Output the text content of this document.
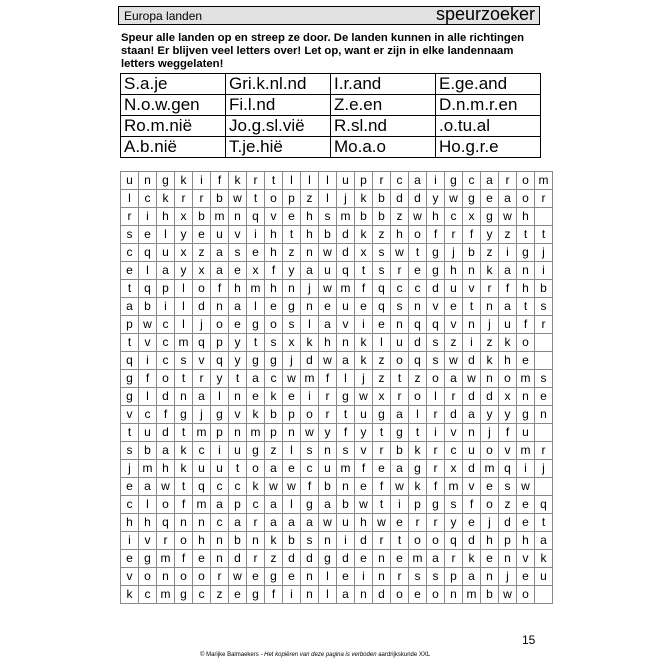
Europa landen	speurzoeker
Speur alle landen op en streep ze door. De landen kunnen in alle richtingen staan! Er blijven veel letters over! Let op, want er zijn in elke landennaam letters weggelaten!
S.a.je	Gri.k.nl.nd	I.r.and	E.ge.and
N.o.w.gen	Fi.l.nd	Z.e.en	D.n.m.r.en
Ro.m.nië	Jo.g.sl.vië	R.sl.nd	.o.tu.al
A.b.nië	T.je.hië	Mo.a.o	Ho.g.r.e
u	n	g	k	i	f	k	r	t	l	l	l	u	p	r	c	a	i	g	c	a	r	o	m
l	c	k	r	r	b	w	t	o	p	z	l	j	k	b	d	d	y	w	g	e	a	o	r
r	i	h	x	b	m	n	q	v	e	h	s	m	b	b	z	w	h	c	x	g	w	h	
s	e	l	y	e	u	v	i	h	t	h	b	d	k	z	h	o	f	r	f	y	z	t	t
c	q	u	x	z	a	s	e	h	z	n	w	d	x	s	w	t	g	j	b	z	i	g	j
e	l	a	y	x	a	e	x	f	y	a	u	q	t	s	r	e	g	h	n	k	a	n	i
t	q	p	l	o	f	h	m	h	n	j	w	m	f	q	c	c	d	u	v	r	f	h	b
a	b	i	l	d	n	a	l	e	g	n	e	u	e	q	s	n	v	e	t	n	a	t	s
p	w	c	l	j	o	e	g	o	s	l	a	v	i	e	n	q	q	v	n	j	u	f	r
t	v	c	m	q	p	y	t	s	x	k	h	n	k	l	u	d	s	z	i	z	k	o	
q	i	c	s	v	q	y	g	g	j	d	w	a	k	z	o	q	s	w	d	k	h	e	
g	f	o	t	r	y	t	a	c	w	m	f	l	j	z	t	z	o	a	w	n	o	m	s
g	l	d	n	a	l	n	e	k	e	i	r	g	w	x	r	o	l	r	d	d	x	n	e
v	c	f	g	j	g	v	k	b	p	o	r	t	u	g	a	l	r	d	a	y	y	g	n
t	u	d	t	m	p	n	m	p	n	w	y	f	y	t	g	t	i	v	n	j	f	u	
s	b	a	k	c	i	u	g	z	l	s	n	s	v	r	b	k	r	c	u	o	v	m	r
j	m	h	k	u	u	t	o	a	e	c	u	m	f	e	a	g	r	x	d	m	q	i	j
e	a	w	t	q	c	c	k	w	w	f	b	n	e	f	w	k	f	m	v	e	s	w	
c	l	o	f	m	a	p	c	a	l	g	a	b	w	t	i	p	g	s	f	o	z	e	q
h	h	q	n	n	c	a	r	a	a	a	w	u	h	w	e	r	r	y	e	j	d	e	t
i	v	r	o	h	n	b	n	k	b	s	n	i	d	r	t	o	o	q	d	h	p	h	a
e	g	m	f	e	n	d	r	z	d	d	g	d	e	n	e	m	a	r	k	e	n	v	k
v	o	n	o	o	r	w	e	g	e	n	l	e	i	n	r	s	s	p	a	n	j	e	u
k	c	m	g	c	z	e	g	f	i	n	l	a	n	d	o	e	o	n	m	b	w	o	
15
© Marijke Balmaekers - Het kopiëren van deze pagina is verboden aardrijkskunde XXL
